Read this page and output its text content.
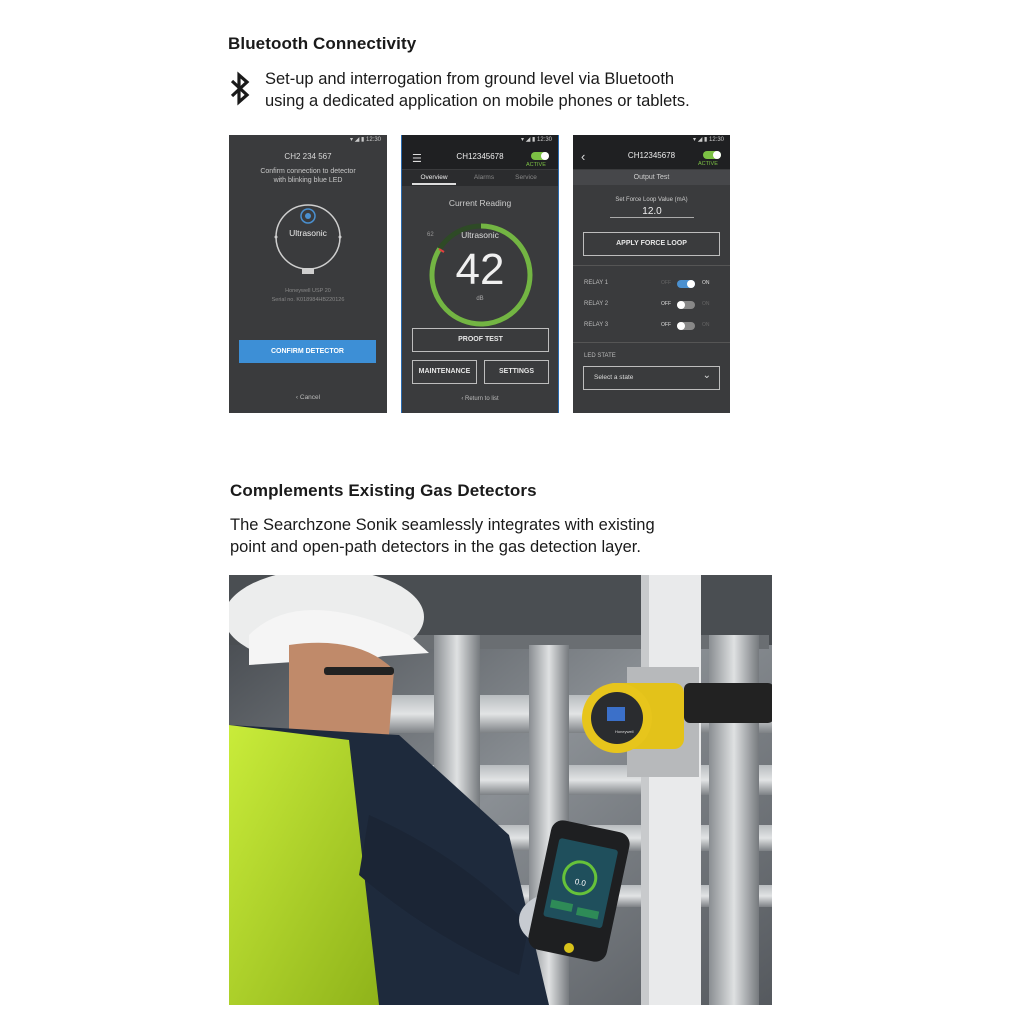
Bluetooth Connectivity
Set-up and interrogation from ground level via Bluetooth
using a dedicated application on mobile phones or tablets.
▾ ◢ ▮ 12:30
CH2 234 567
Confirm connection to detector
with blinking blue LED
Ultrasonic
Honeywell USP 20
Serial no. K018984HB220126
CONFIRM DETECTOR
‹ Cancel
▾ ◢ ▮ 12:30
☰	CH12345678
ACTIVE
Overview	Alarms	Service
Current Reading
62	Ultrasonic
42
dB
PROOF TEST
MAINTENANCE	SETTINGS
‹ Return to list
▾ ◢ ▮ 12:30
‹	CH12345678
ACTIVE
Output Test
Set Force Loop Value (mA)
12.0
APPLY FORCE LOOP
RELAY 1	OFF	ON
RELAY 2	OFF	ON
RELAY 3	OFF	ON
LED STATE
Select a state	⌄
Complements Existing Gas Detectors
The Searchzone Sonik seamlessly integrates with existing
point and open-path detectors in the gas detection layer.
Honeywell
0.0
